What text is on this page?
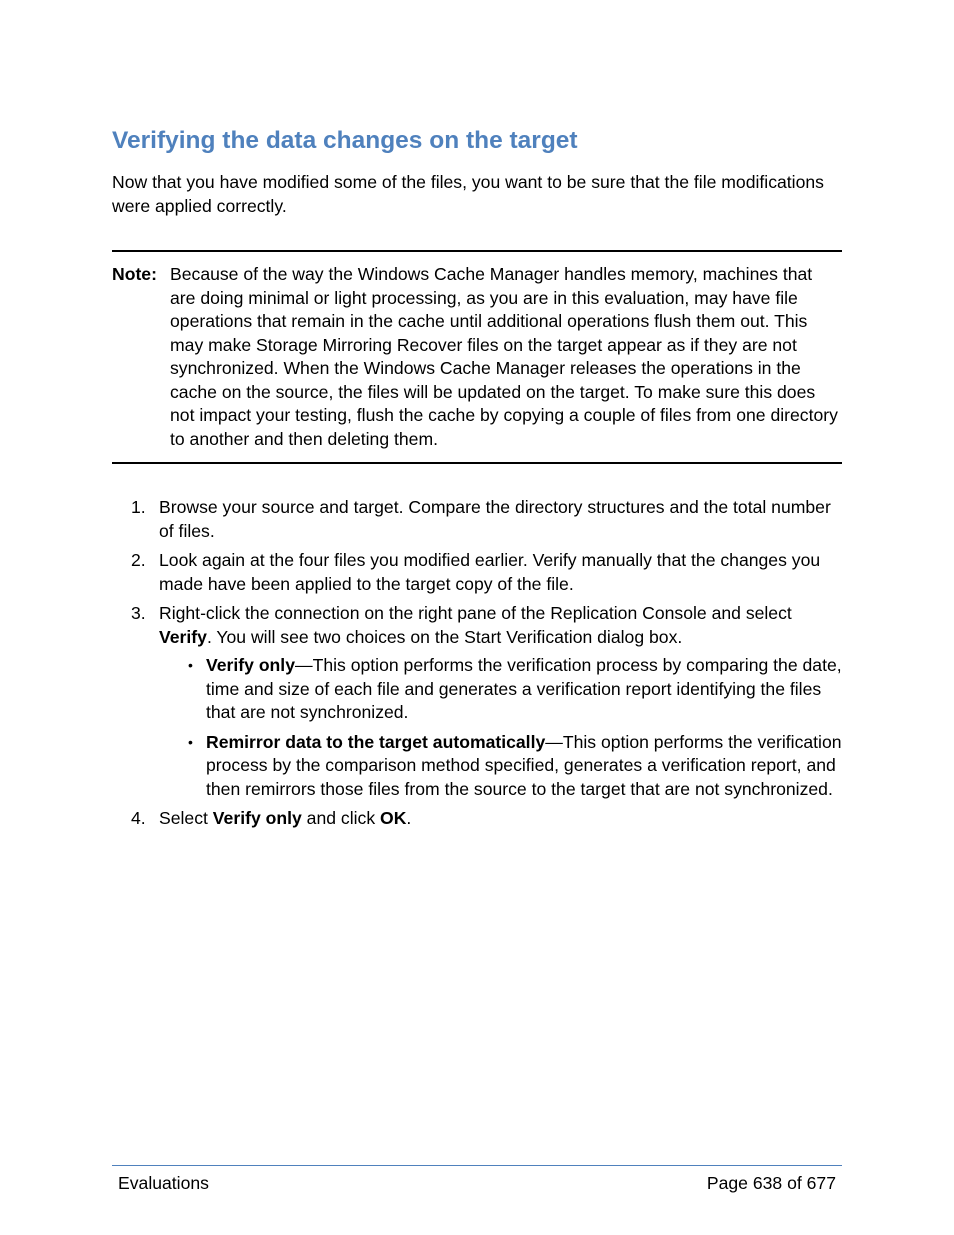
Verifying the data changes on the target

Now that you have modified some of the files, you want to be sure that the file modifications were applied correctly.

Note: Because of the way the Windows Cache Manager handles memory, machines that are doing minimal or light processing, as you are in this evaluation, may have file operations that remain in the cache until additional operations flush them out. This may make Storage Mirroring Recover files on the target appear as if they are not synchronized. When the Windows Cache Manager releases the operations in the cache on the source, the files will be updated on the target. To make sure this does not impact your testing, flush the cache by copying a couple of files from one directory to another and then deleting them.
1. Browse your source and target. Compare the directory structures and the total number of files.
2. Look again at the four files you modified earlier. Verify manually that the changes you made have been applied to the target copy of the file.
3. Right-click the connection on the right pane of the Replication Console and select Verify. You will see two choices on the Start Verification dialog box.
• Verify only—This option performs the verification process by comparing the date, time and size of each file and generates a verification report identifying the files that are not synchronized.
• Remirror data to the target automatically—This option performs the verification process by the comparison method specified, generates a verification report, and then remirrors those files from the source to the target that are not synchronized.
4. Select Verify only and click OK.
Evaluations	Page 638 of 677
